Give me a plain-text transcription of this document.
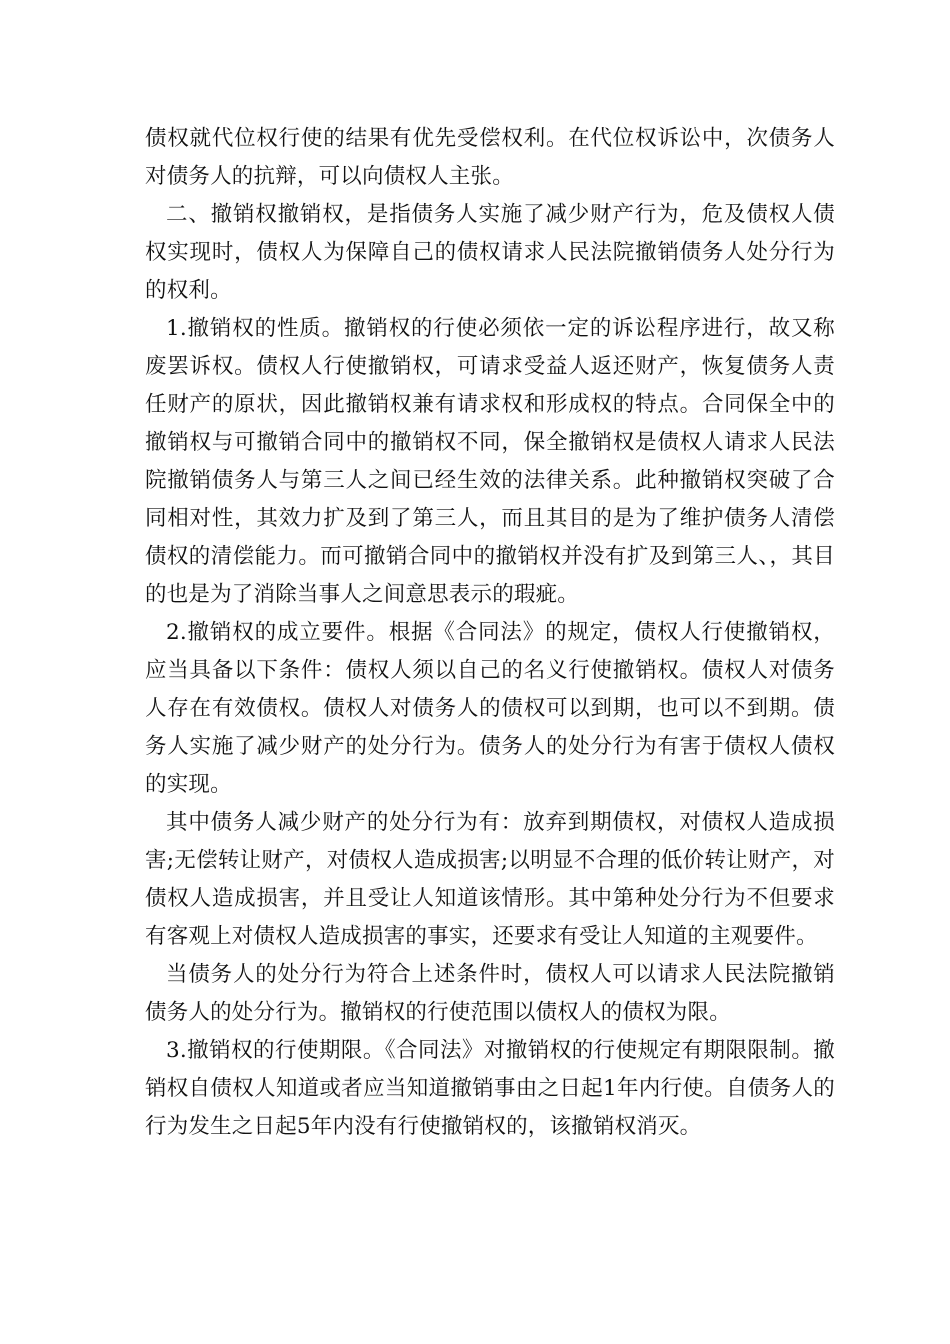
债权就代位权行使的结果有优先受偿权利。在代位权诉讼中，次债务人对债务人的抗辩，可以向债权人主张。

二、撤销权撤销权，是指债务人实施了减少财产行为，危及债权人债权实现时，债权人为保障自己的债权请求人民法院撤销债务人处分行为的权利。

1.撤销权的性质。撤销权的行使必须依一定的诉讼程序进行，故又称废罢诉权。债权人行使撤销权，可请求受益人返还财产，恢复债务人责任财产的原状，因此撤销权兼有请求权和形成权的特点。合同保全中的撤销权与可撤销合同中的撤销权不同，保全撤销权是债权人请求人民法院撤销债务人与第三人之间已经生效的法律关系。此种撤销权突破了合同相对性，其效力扩及到了第三人，而且其目的是为了维护债务人清偿债权的清偿能力。而可撤销合同中的撤销权并没有扩及到第三人、，其目的也是为了消除当事人之间意思表示的瑕疵。

2.撤销权的成立要件。根据《合同法》的规定，债权人行使撤销权，应当具备以下条件：债权人须以自己的名义行使撤销权。债权人对债务人存在有效债权。债权人对债务人的债权可以到期，也可以不到期。债务人实施了减少财产的处分行为。债务人的处分行为有害于债权人债权的实现。

其中债务人减少财产的处分行为有：放弃到期债权，对债权人造成损害;无偿转让财产，对债权人造成损害;以明显不合理的低价转让财产，对债权人造成损害，并且受让人知道该情形。其中第种处分行为不但要求有客观上对债权人造成损害的事实，还要求有受让人知道的主观要件。

当债务人的处分行为符合上述条件时，债权人可以请求人民法院撤销债务人的处分行为。撤销权的行使范围以债权人的债权为限。

3.撤销权的行使期限。《合同法》对撤销权的行使规定有期限限制。撤销权自债权人知道或者应当知道撤销事由之日起1年内行使。自债务人的行为发生之日起5年内没有行使撤销权的，该撤销权消灭。
